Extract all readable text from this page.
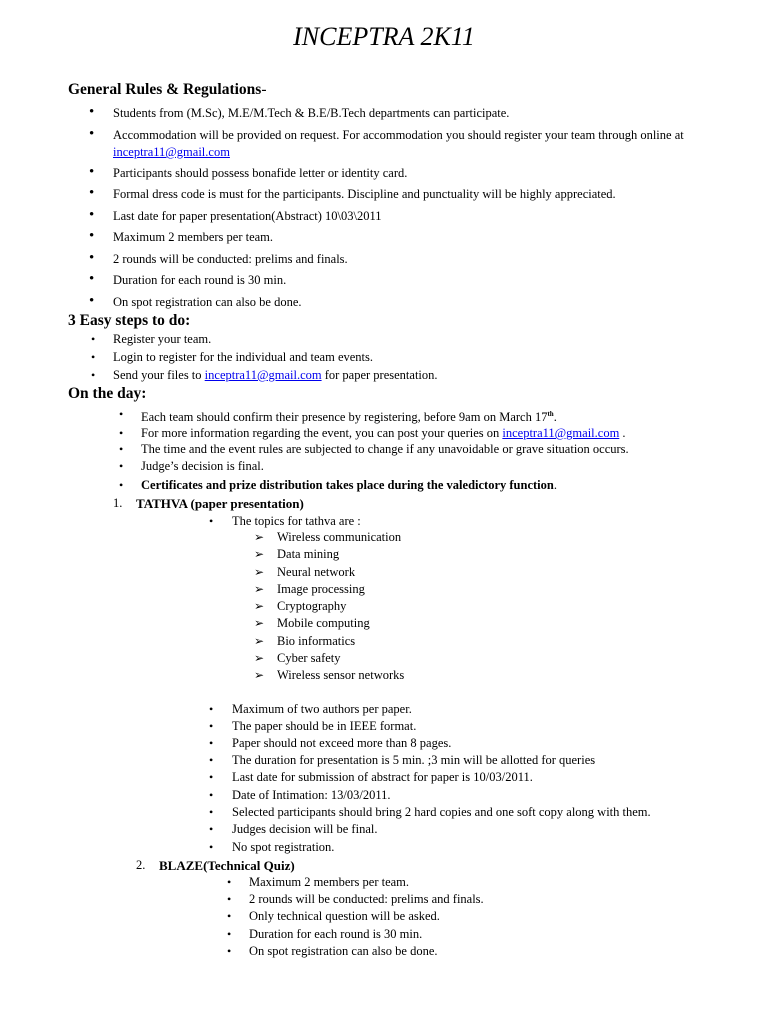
INCEPTRA 2K11
General Rules & Regulations-
• Students from (M.Sc), M.E/M.Tech & B.E/B.Tech departments can participate.
• Accommodation will be provided on request. For accommodation you should register your team through online at inceptra11@gmail.com
• Participants should possess bonafide letter or identity card.
• Formal dress code is must for the participants. Discipline and punctuality will be highly appreciated.
• Last date for paper presentation(Abstract) 10\03\2011
• Maximum 2 members per team.
• 2 rounds will be conducted: prelims and finals.
• Duration for each round is 30 min.
• On spot registration can also be done.
3 Easy steps to do:
• Register your team.
• Login to register for the individual and team events.
• Send your files to inceptra11@gmail.com for paper presentation.
On the day:
• Each team should confirm their presence by registering, before 9am on March 17th.
• For more information regarding the event, you can post your queries on inceptra11@gmail.com .
• The time and the event rules are subjected to change if any unavoidable or grave situation occurs.
• Judge’s decision is final.
• Certificates and prize distribution takes place during the valedictory function.
1. TATHVA (paper presentation)
• The topics for tathva are :
➢ Wireless communication
➢ Data mining
➢ Neural network
➢ Image processing
➢ Cryptography
➢ Mobile computing
➢ Bio informatics
➢ Cyber safety
➢ Wireless sensor networks
• Maximum of two authors per paper.
• The paper should be in IEEE format.
• Paper should not exceed more than 8 pages.
• The duration for presentation is 5 min. ;3 min will be allotted for queries
• Last date for submission of abstract for paper is 10/03/2011.
• Date of Intimation: 13/03/2011.
• Selected participants should bring 2 hard copies and one soft copy along with them.
• Judges decision will be final.
• No spot registration.
2. BLAZE(Technical Quiz)
• Maximum 2 members per team.
• 2 rounds will be conducted: prelims and finals.
• Only technical question will be asked.
• Duration for each round is 30 min.
• On spot registration can also be done.
